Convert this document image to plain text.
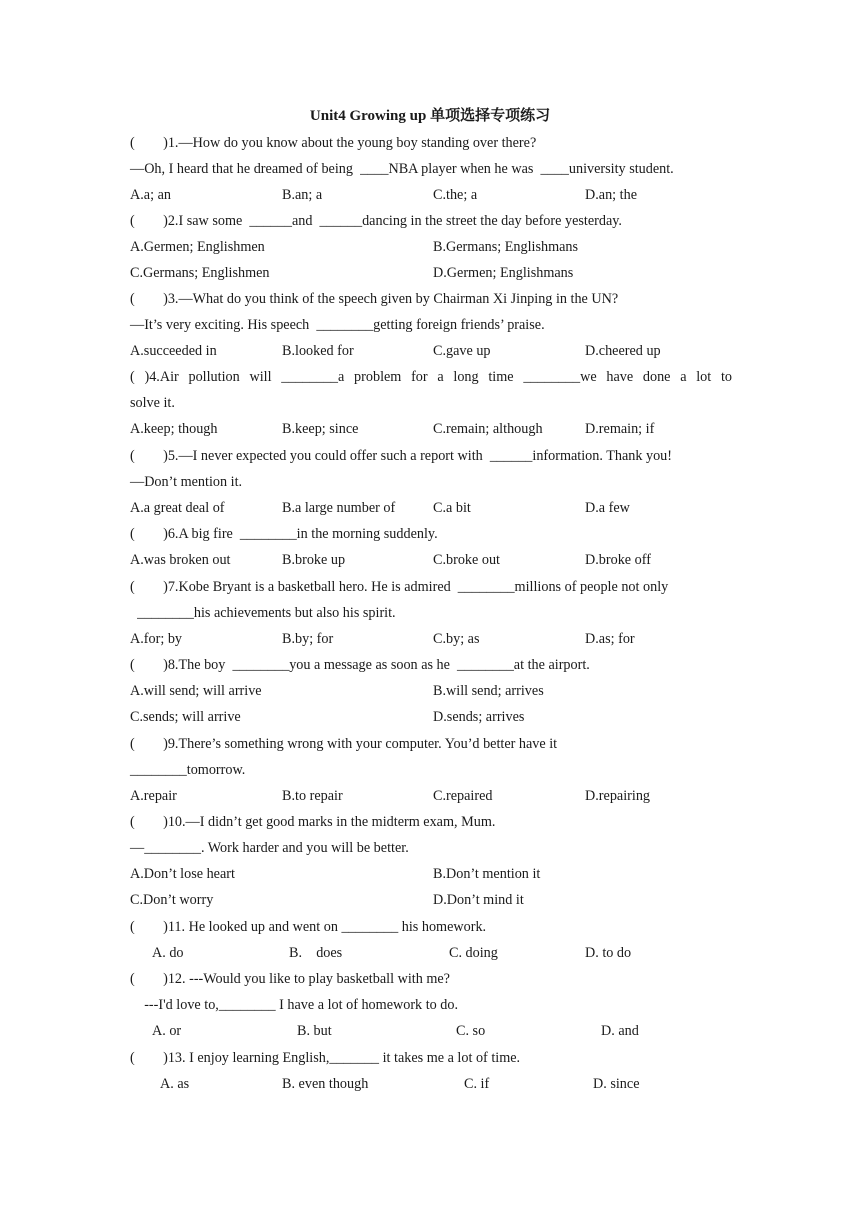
Unit4 Growing up 单项选择专项练习
(        )1.—How do you know about the young boy standing over there?
—Oh, I heard that he dreamed of being  ____NBA player when he was  ____university student.
A.a; an	B.an; a	C.the; a	D.an; the
(        )2.I saw some  ______and  ______dancing in the street the day before yesterday.
A.Germen; Englishmen	B.Germans; Englishmans
C.Germans; Englishmen	D.Germen; Englishmans
(        )3.—What do you think of the speech given by Chairman Xi Jinping in the UN?
—It’s very exciting. His speech  ________getting foreign friends’ praise.
A.succeeded in	B.looked for	C.gave up	D.cheered up
( )4.Air pollution will ________a problem for a long time ________we have done a lot to
solve it.
A.keep; though	B.keep; since	C.remain; although	D.remain; if
(        )5.—I never expected you could offer such a report with  ______information. Thank you!
—Don’t mention it.
A.a great deal of	B.a large number of	C.a bit	D.a few
(        )6.A big fire  ________in the morning suddenly.
A.was broken out	B.broke up	C.broke out	D.broke off
(        )7.Kobe Bryant is a basketball hero. He is admired  ________millions of people not only
________his achievements but also his spirit.
A.for; by	B.by; for	C.by; as	D.as; for
(        )8.The boy  ________you a message as soon as he  ________at the airport.
A.will send; will arrive	B.will send; arrives
C.sends; will arrive	D.sends; arrives
(        )9.There’s something wrong with your computer. You’d better have it
________tomorrow.
A.repair	B.to repair	C.repaired	D.repairing
(        )10.—I didn’t get good marks in the midterm exam, Mum.
—________. Work harder and you will be better.
A.Don’t lose heart	B.Don’t mention it
C.Don’t worry	D.Don’t mind it
(        )11. He looked up and went on ________ his homework.
A. do	B.    does	C. doing	D. to do
(        )12. ---Would you like to play basketball with me?
---I'd love to,________ I have a lot of homework to do.
A. or	B. but	C. so	D. and
(        )13. I enjoy learning English,_______ it takes me a lot of time.
A. as	B. even though	C. if	D. since
